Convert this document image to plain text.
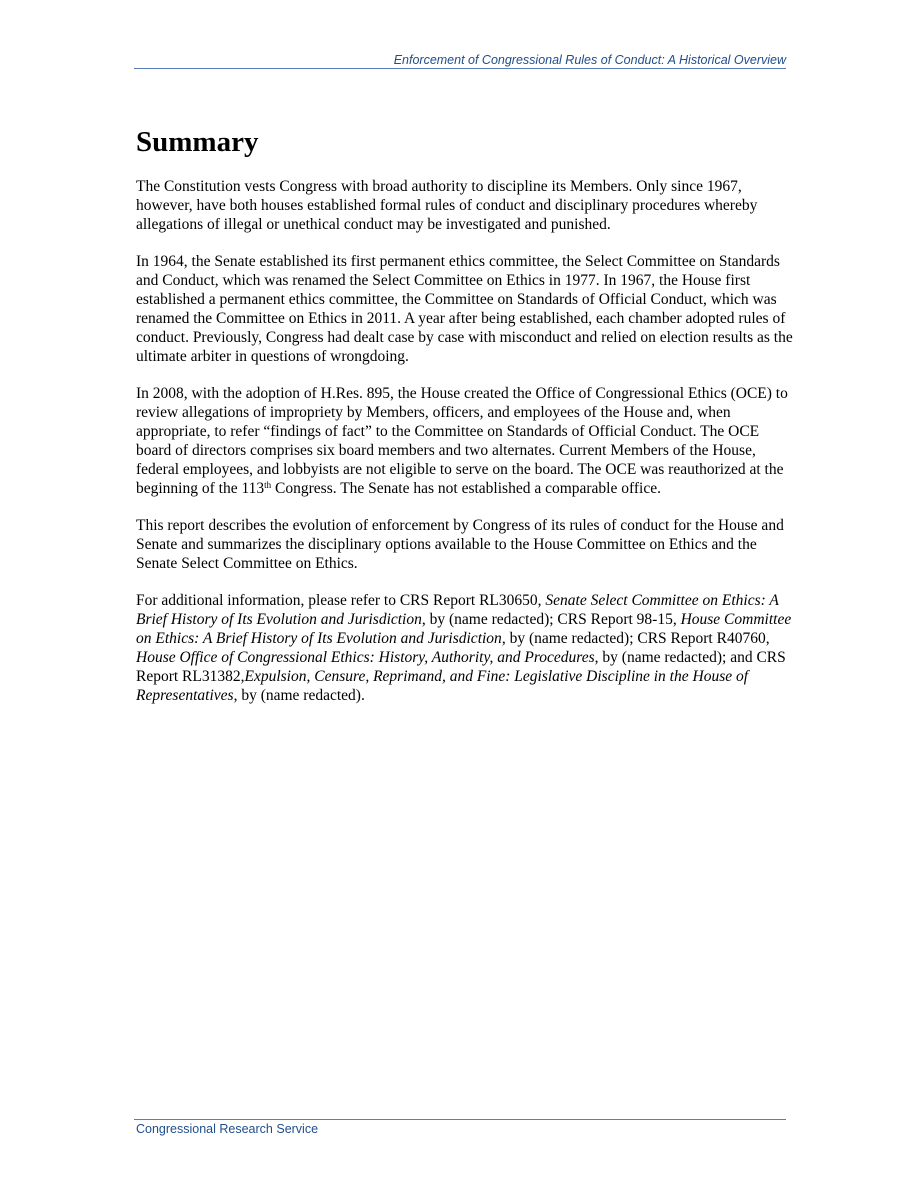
Enforcement of Congressional Rules of Conduct: A Historical Overview
Summary

The Constitution vests Congress with broad authority to discipline its Members. Only since 1967, however, have both houses established formal rules of conduct and disciplinary procedures whereby allegations of illegal or unethical conduct may be investigated and punished.

In 1964, the Senate established its first permanent ethics committee, the Select Committee on Standards and Conduct, which was renamed the Select Committee on Ethics in 1977. In 1967, the House first established a permanent ethics committee, the Committee on Standards of Official Conduct, which was renamed the Committee on Ethics in 2011. A year after being established, each chamber adopted rules of conduct. Previously, Congress had dealt case by case with misconduct and relied on election results as the ultimate arbiter in questions of wrongdoing.

In 2008, with the adoption of H.Res. 895, the House created the Office of Congressional Ethics (OCE) to review allegations of impropriety by Members, officers, and employees of the House and, when appropriate, to refer “findings of fact” to the Committee on Standards of Official Conduct. The OCE board of directors comprises six board members and two alternates. Current Members of the House, federal employees, and lobbyists are not eligible to serve on the board. The OCE was reauthorized at the beginning of the 113th Congress. The Senate has not established a comparable office.

This report describes the evolution of enforcement by Congress of its rules of conduct for the House and Senate and summarizes the disciplinary options available to the House Committee on Ethics and the Senate Select Committee on Ethics.

For additional information, please refer to CRS Report RL30650, Senate Select Committee on Ethics: A Brief History of Its Evolution and Jurisdiction, by (name redacted); CRS Report 98-15, House Committee on Ethics: A Brief History of Its Evolution and Jurisdiction, by (name redacted); CRS Report R40760, House Office of Congressional Ethics: History, Authority, and Procedures, by (name redacted); and CRS Report RL31382,Expulsion, Censure, Reprimand, and Fine: Legislative Discipline in the House of Representatives, by (name redacted).

Congressional Research Service
